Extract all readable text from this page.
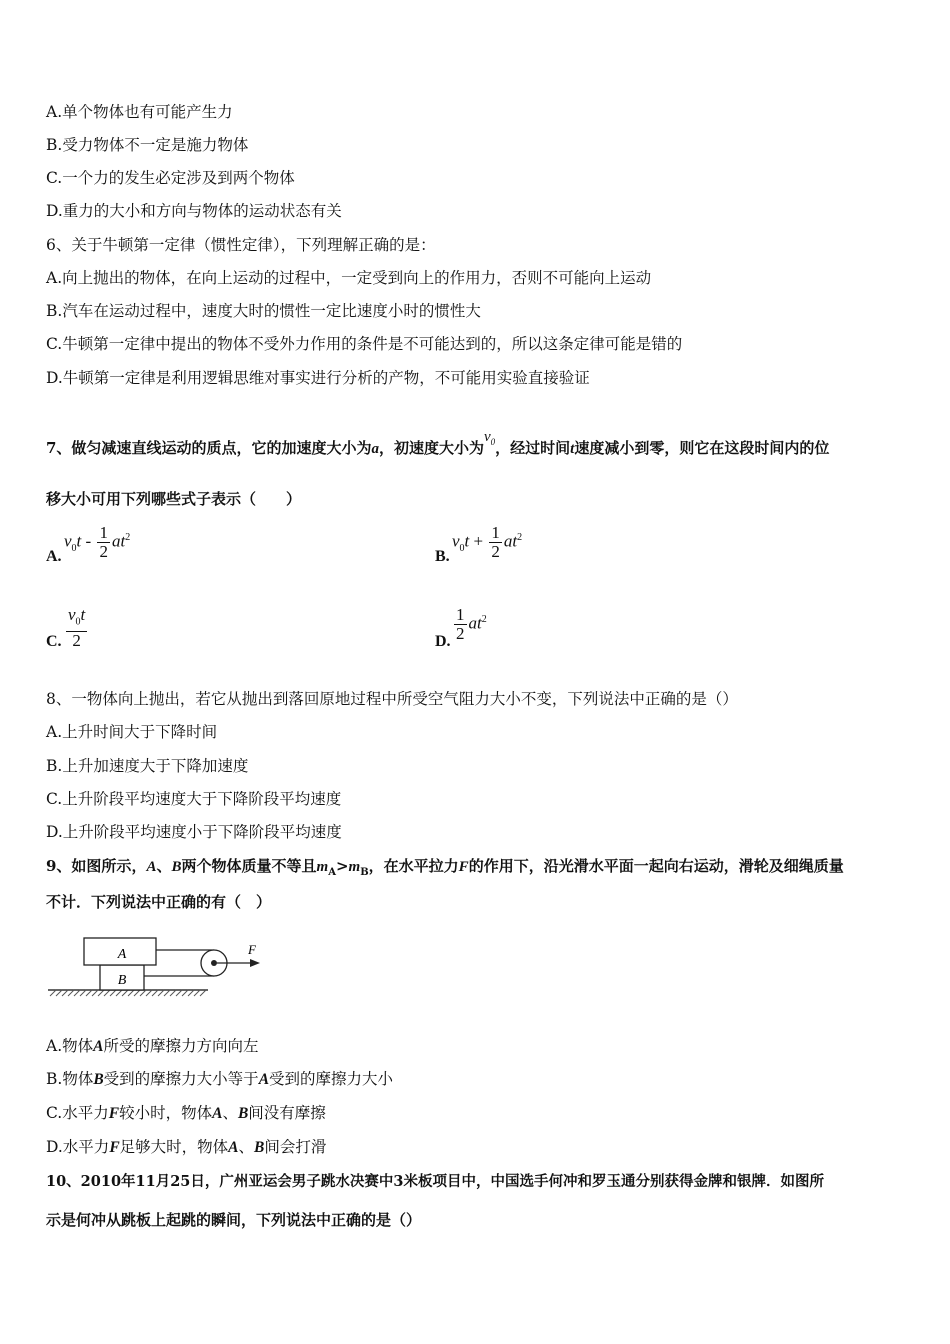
A.单个物体也有可能产生力
B.受力物体不一定是施力物体
C.一个力的发生必定涉及到两个物体
D.重力的大小和方向与物体的运动状态有关
6、关于牛顿第一定律（惯性定律），下列理解正确的是：
A.向上抛出的物体，在向上运动的过程中，一定受到向上的作用力，否则不可能向上运动
B.汽车在运动过程中，速度大时的惯性一定比速度小时的惯性大
C.牛顿第一定律中提出的物体不受外力作用的条件是不可能达到的，所以这条定律可能是错的
D.牛顿第一定律是利用逻辑思维对事实进行分析的产物，不可能用实验直接验证
7、做匀减速直线运动的质点，它的加速度大小为a，初速度大小为$v_0$，经过时间t速度减小到零，则它在这段时间内的位
移大小可用下列哪些式子表示（　　）
A.
$v_0t - \frac{1}{2} at^2$
B.
$v_0t + \frac{1}{2} at^2$
C. $\frac{v_0t}{2}$	D. $\frac{1}{2} at^2$
8、一物体向上抛出，若它从抛出到落回原地过程中所受空气阻力大小不变，下列说法中正确的是（）
A.上升时间大于下降时间
B.上升加速度大于下降加速度
C.上升阶段平均速度大于下降阶段平均速度
D.上升阶段平均速度小于下降阶段平均速度
9、如图所示，A、B两个物体质量不等且$m_A>m_B$，在水平拉力F的作用下，沿光滑水平面一起向右运动，滑轮及细绳质量
不计．下列说法中正确的有（　）
B
A	F
A.物体A所受的摩擦力方向向左
B.物体B受到的摩擦力大小等于A受到的摩擦力大小
C.水平力F较小时，物体A、B间没有摩擦
D.水平力F足够大时，物体A、B间会打滑
10、2010年11月25日，广州亚运会男子跳水决赛中3米板项目中，中国选手何冲和罗玉通分别获得金牌和银牌．如图所
示是何冲从跳板上起跳的瞬间，下列说法中正确的是（）
